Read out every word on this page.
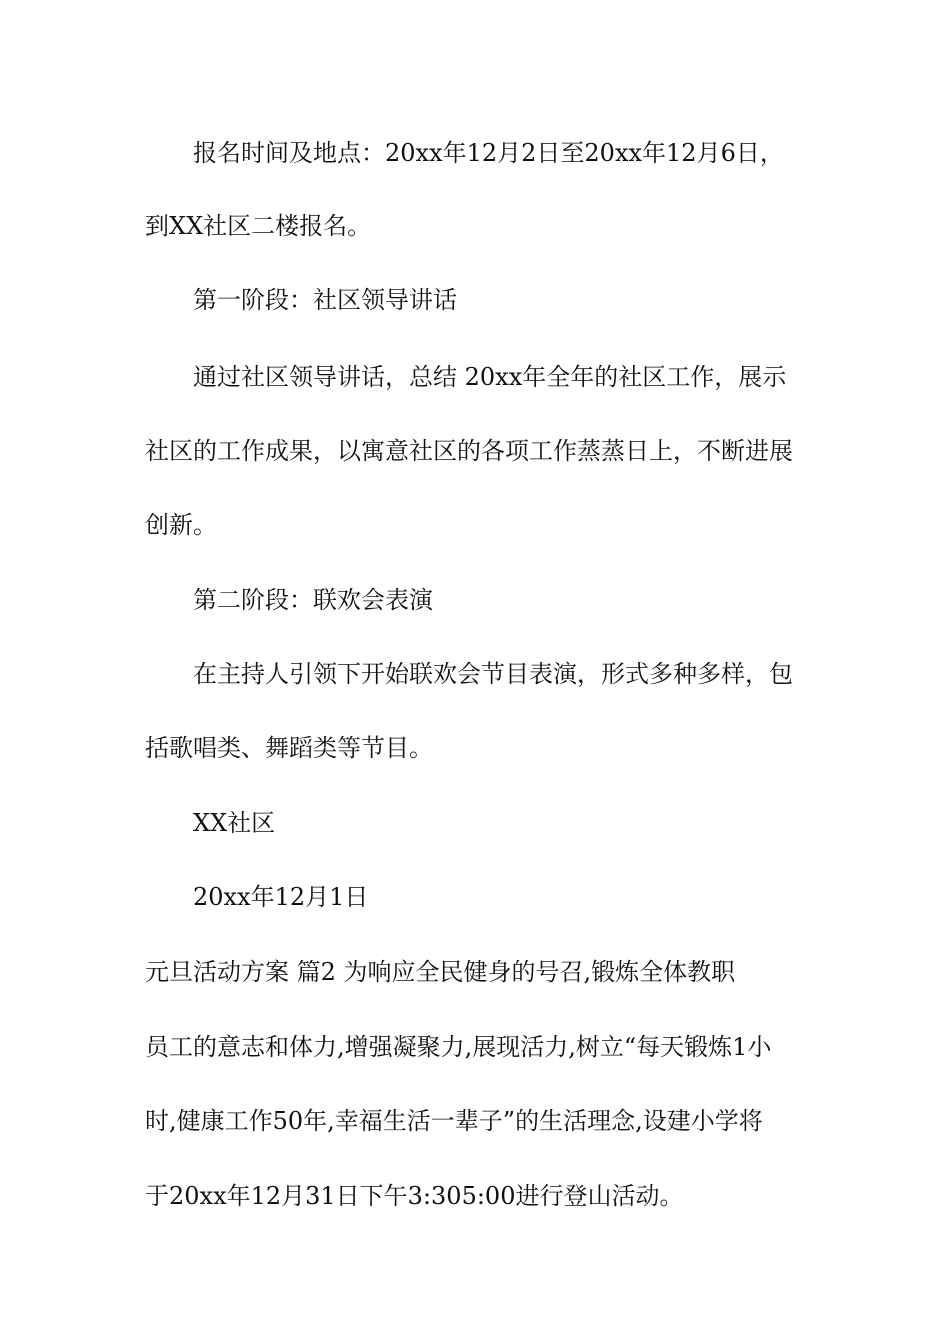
报名时间及地点：20xx年12月2日至20xx年12月6日，
到XX社区二楼报名。
第一阶段：社区领导讲话
通过社区领导讲话，总结 20xx年全年的社区工作，展示
社区的工作成果，以寓意社区的各项工作蒸蒸日上，不断进展
创新。
第二阶段：联欢会表演
在主持人引领下开始联欢会节目表演，形式多种多样，包
括歌唱类、舞蹈类等节目。
XX社区
20xx年12月1日
元旦活动方案 篇2 为响应全民健身的号召,锻炼全体教职
员工的意志和体力,增强凝聚力,展现活力,树立“每天锻炼1小
时,健康工作50年,幸福生活一辈子”的生活理念,设建小学将
于20xx年12月31日下午3:305:00进行登山活动。
